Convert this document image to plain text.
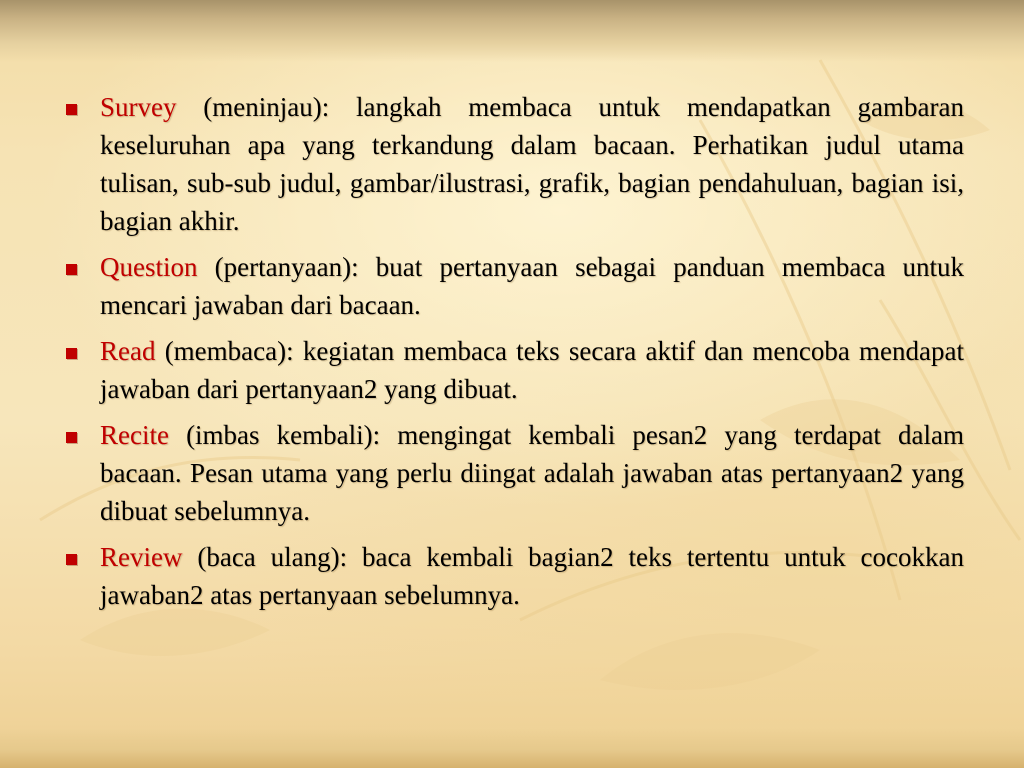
Survey (meninjau): langkah membaca untuk mendapatkan gambaran keseluruhan apa yang terkandung dalam bacaan. Perhatikan judul utama tulisan, sub-sub judul, gambar/ilustrasi, grafik, bagian pendahuluan, bagian isi, bagian akhir.
Question (pertanyaan): buat pertanyaan sebagai panduan membaca untuk mencari jawaban dari bacaan.
Read (membaca): kegiatan membaca teks secara aktif dan mencoba mendapat jawaban dari pertanyaan2 yang dibuat.
Recite (imbas kembali): mengingat kembali pesan2 yang terdapat dalam bacaan. Pesan utama yang perlu diingat adalah jawaban atas pertanyaan2 yang dibuat sebelumnya.
Review (baca ulang): baca kembali bagian2 teks tertentu untuk cocokkan jawaban2 atas pertanyaan sebelumnya.
